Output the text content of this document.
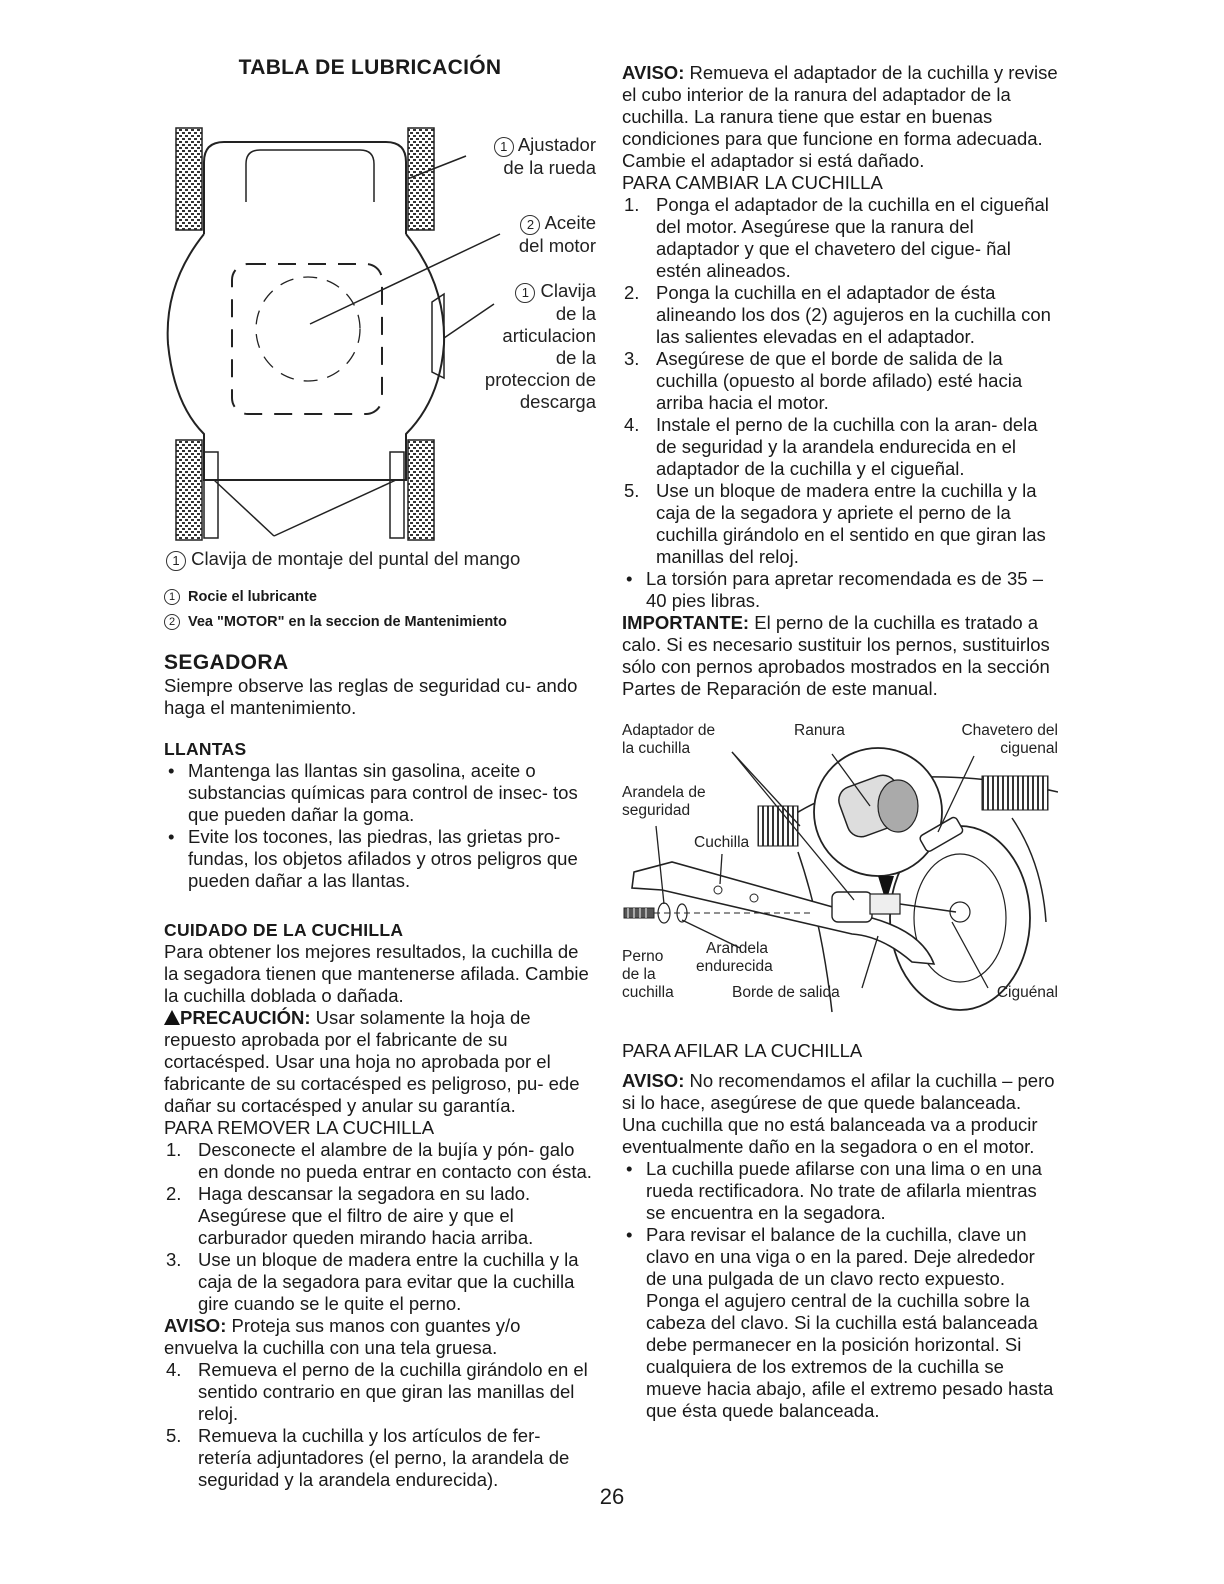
TABLA DE LUBRICACIÓN
1 Ajustador
de la rueda
2 Aceite
del motor
1 Clavija
de la
articulacion
de la
proteccion de
descarga
1 Clavija de montaje del puntal del mango
1 Rocie el lubricante
2 Vea "MOTOR" en la seccion de Mantenimiento
SEGADORA

Siempre observe las reglas de seguridad cu- ando haga el mantenimiento.

LLANTAS
• Mantenga las llantas sin gasolina, aceite o substancias químicas para control de insec- tos que pueden dañar la goma.
• Evite los tocones, las piedras, las grietas pro- fundas, los objetos afilados y otros peligros que pueden dañar a las llantas.
CUIDADO DE LA CUCHILLA

Para obtener los mejores resultados, la cuchilla de la segadora tienen que mantenerse afilada. Cambie la cuchilla doblada o dañada.

PRECAUCIÓN: Usar solamente la hoja de repuesto aprobada por el fabricante de su cortacésped. Usar una hoja no aprobada por el fabricante de su cortacésped es peligroso, pu- ede dañar su cortacésped y anular su garantía.

PARA REMOVER LA CUCHILLA

1. Desconecte el alambre de la bujía y pón- galo en donde no pueda entrar en contacto con ésta.
2. Haga descansar la segadora en su lado. Asegúrese que el filtro de aire y que el carburador queden mirando hacia arriba.
3. Use un bloque de madera entre la cuchilla y la caja de la segadora para evitar que la cuchilla gire cuando se le quite el perno.

AVISO: Proteja sus manos con guantes y/o envuelva la cuchilla con una tela gruesa.

4. Remueva el perno de la cuchilla girándolo en el sentido contrario en que giran las manillas del reloj.
5. Remueva la cuchilla y los artículos de fer- retería adjuntadores (el perno, la arandela de seguridad y la arandela endurecida).

AVISO: Remueva el adaptador de la cuchilla y revise el cubo interior de la ranura del adaptador de la cuchilla. La ranura tiene que estar en buenas condiciones para que funcione en forma adecuada. Cambie el adaptador si está dañado.

PARA CAMBIAR LA CUCHILLA

1. Ponga el adaptador de la cuchilla en el cigueñal del motor. Asegúrese que la ranura del adaptador y que el chavetero del cigue- ñal estén alineados.
2. Ponga la cuchilla en el adaptador de ésta alineando los dos (2) agujeros en la cuchilla con las salientes elevadas en el adaptador.
3. Asegúrese de que el borde de salida de la cuchilla (opuesto al borde afilado) esté hacia arriba hacia el motor.
4. Instale el perno de la cuchilla con la aran- dela de seguridad y la arandela endurecida en el adaptador de la cuchilla y el cigueñal.
5. Use un bloque de madera entre la cuchilla y la caja de la segadora y apriete el perno de la cuchilla girándolo en el sentido en que giran las manillas del reloj.
• La torsión para apretar recomendada es de 35 – 40 pies libras.

IMPORTANTE: El perno de la cuchilla es tratado a calo. Si es necesario sustituir los pernos, sustituirlos sólo con pernos aprobados mostrados en la sección Partes de Reparación de este manual.

Adaptador de
la cuchilla
Ranura	Chavetero del
ciguenal
Arandela de
seguridad
Cuchilla
Perno
de la
cuchilla
Arandela
endurecida
Borde de salida	Ciguénal

PARA AFILAR LA CUCHILLA

AVISO: No recomendamos el afilar la cuchilla – pero si lo hace, asegúrese de que quede balanceada. Una cuchilla que no está balanceada va a producir eventualmente daño en la segadora o en el motor.

• La cuchilla puede afilarse con una lima o en una rueda rectificadora. No trate de afilarla mientras se encuentra en la segadora.
• Para revisar el balance de la cuchilla, clave un clavo en una viga o en la pared. Deje alrededor de una pulgada de un clavo recto expuesto. Ponga el agujero central de la cuchilla sobre la cabeza del clavo. Si la cuchilla está balanceada debe permanecer en la posición horizontal. Si cualquiera de los extremos de la cuchilla se mueve hacia abajo, afile el extremo pesado hasta que ésta quede balanceada.
26
